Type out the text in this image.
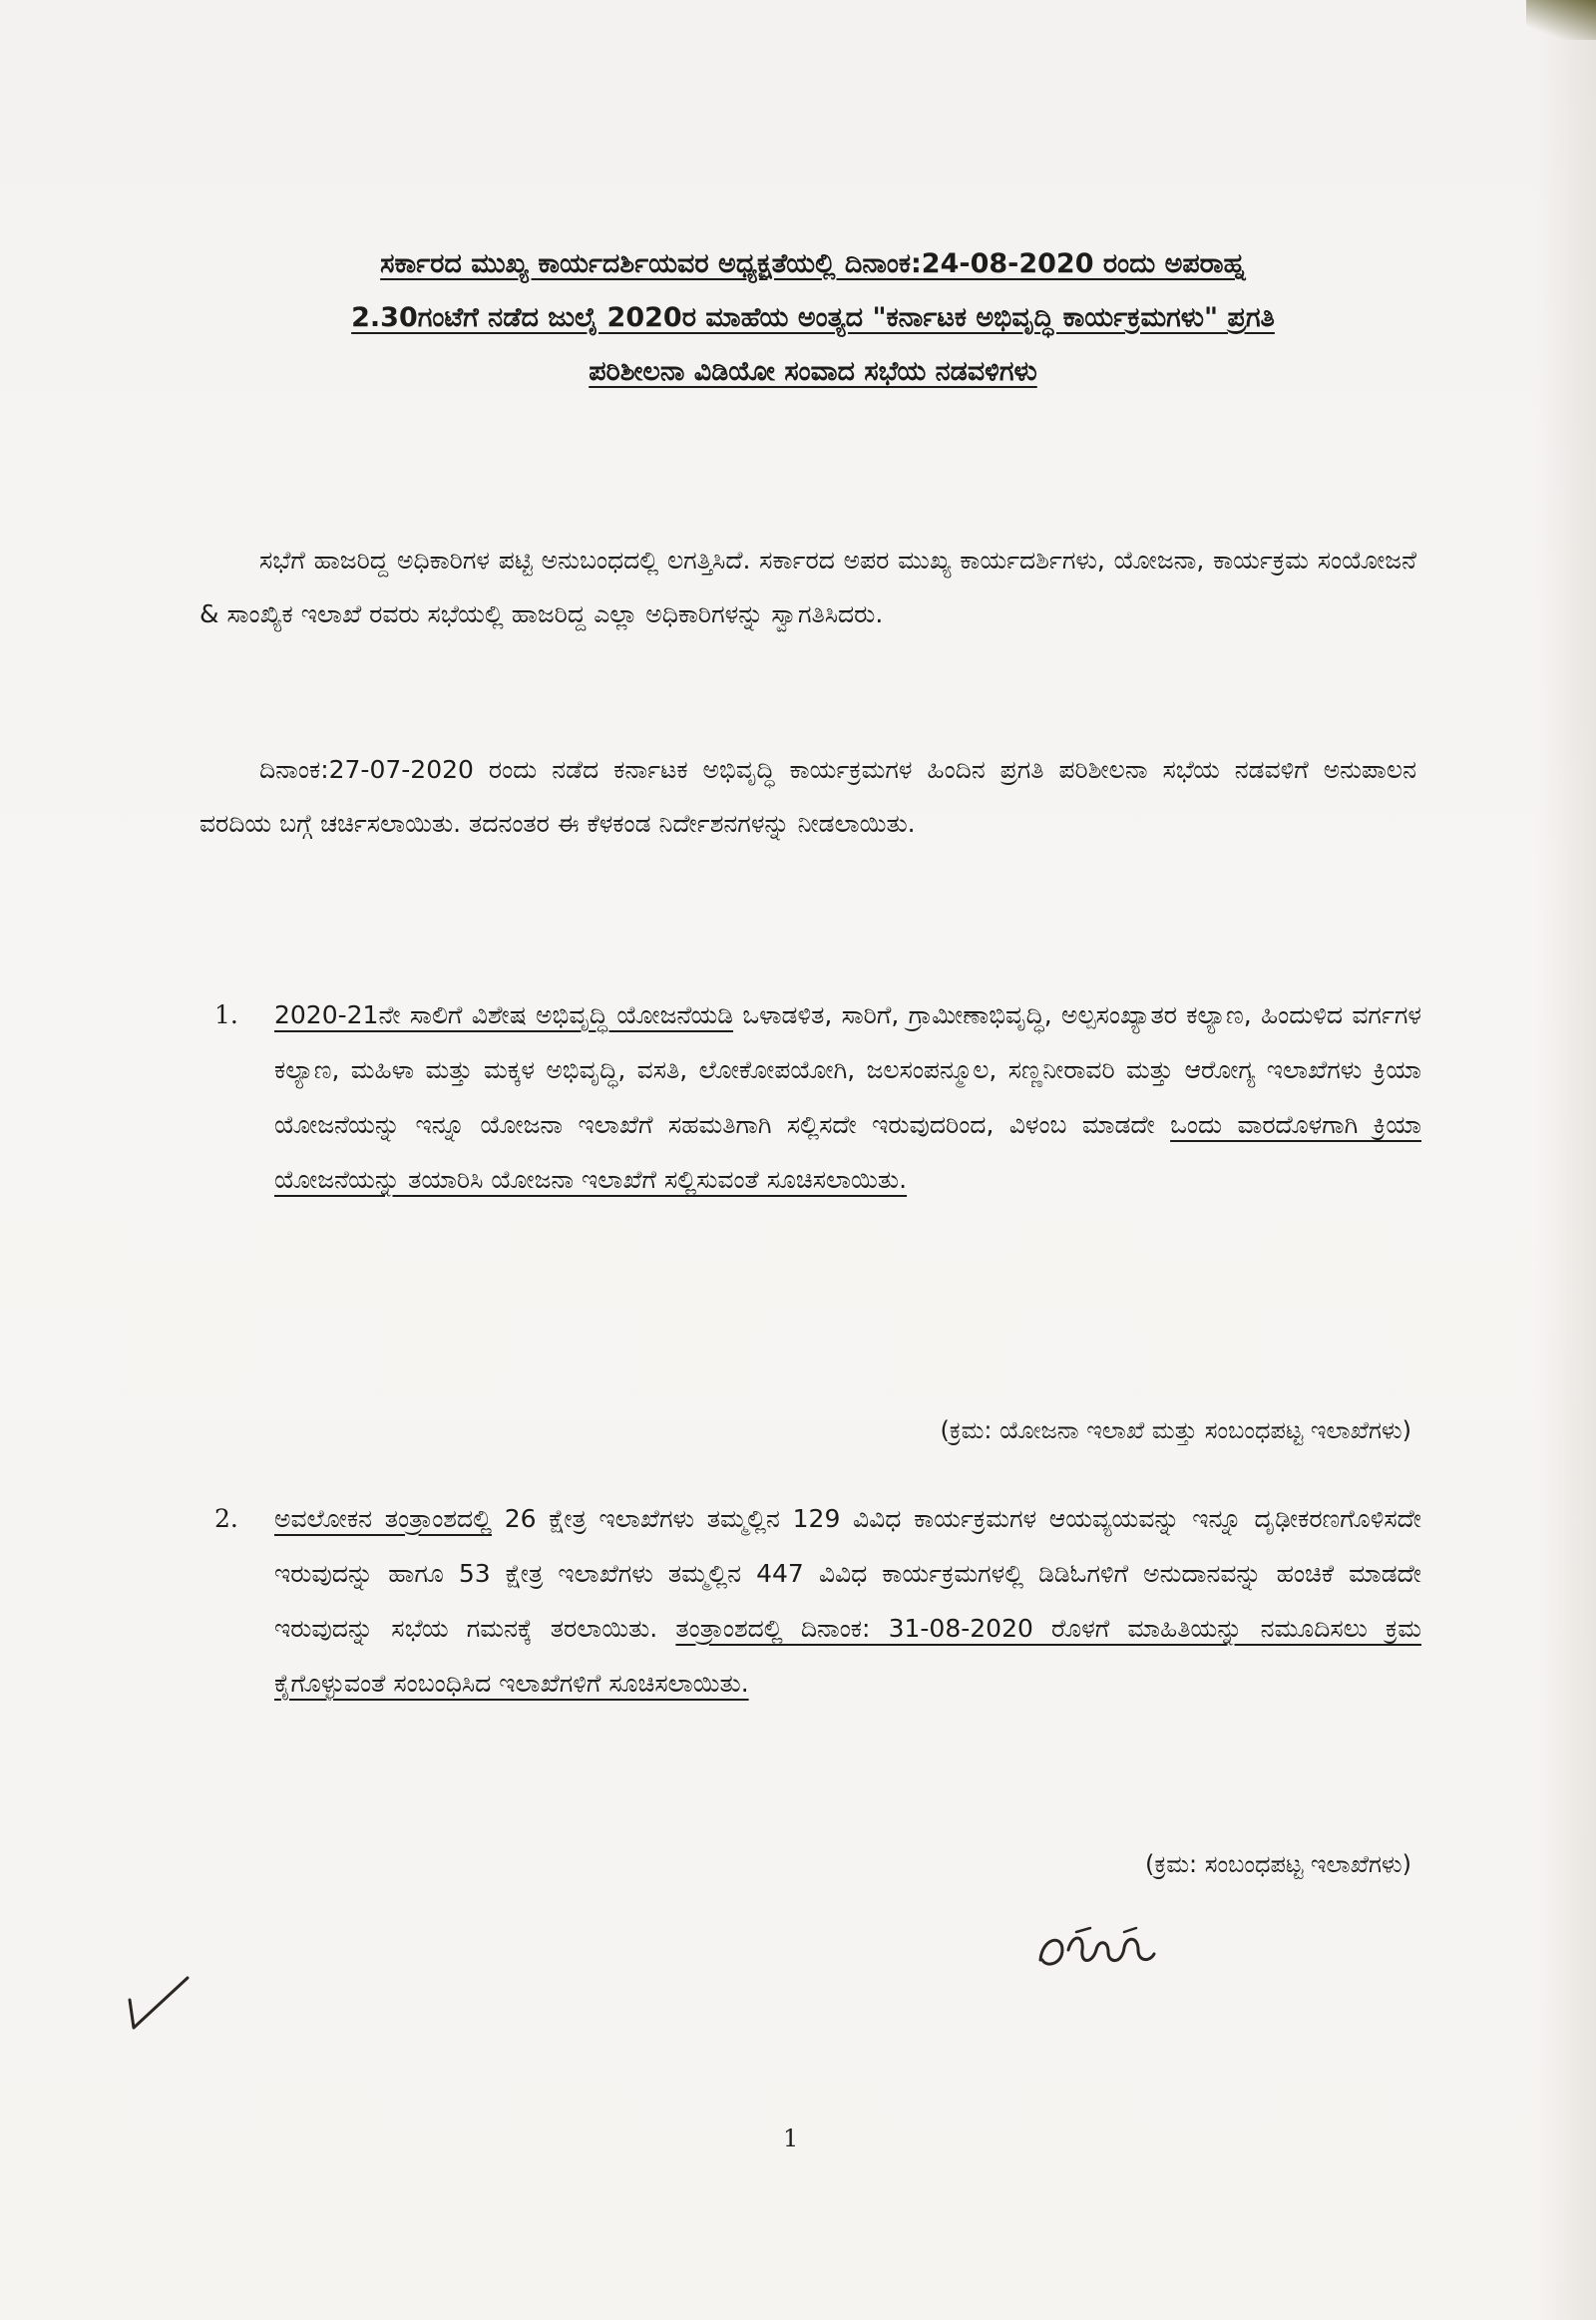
ಸರ್ಕಾರದ ಮುಖ್ಯ ಕಾರ್ಯದರ್ಶಿಯವರ ಅಧ್ಯಕ್ಷತೆಯಲ್ಲಿ ದಿನಾಂಕ:24-08-2020 ರಂದು ಅಪರಾಹ್ನ
2.30ಗಂಟೆಗೆ ನಡೆದ ಜುಲೈ 2020ರ ಮಾಹೆಯ ಅಂತ್ಯದ "ಕರ್ನಾಟಕ ಅಭಿವೃದ್ಧಿ ಕಾರ್ಯಕ್ರಮಗಳು" ಪ್ರಗತಿ
ಪರಿಶೀಲನಾ ವಿಡಿಯೋ ಸಂವಾದ ಸಭೆಯ ನಡವಳಿಗಳು
ಸಭೆಗೆ ಹಾಜರಿದ್ದ ಅಧಿಕಾರಿಗಳ ಪಟ್ಟಿ ಅನುಬಂಧದಲ್ಲಿ ಲಗತ್ತಿಸಿದೆ. ಸರ್ಕಾರದ ಅಪರ ಮುಖ್ಯ ಕಾರ್ಯದರ್ಶಿಗಳು, ಯೋಜನಾ, ಕಾರ್ಯಕ್ರಮ ಸಂಯೋಜನೆ & ಸಾಂಖ್ಯಿಕ ಇಲಾಖೆ ರವರು ಸಭೆಯಲ್ಲಿ ಹಾಜರಿದ್ದ ಎಲ್ಲಾ ಅಧಿಕಾರಿಗಳನ್ನು ಸ್ವಾಗತಿಸಿದರು.
ದಿನಾಂಕ:27-07-2020 ರಂದು ನಡೆದ ಕರ್ನಾಟಕ ಅಭಿವೃದ್ಧಿ ಕಾರ್ಯಕ್ರಮಗಳ ಹಿಂದಿನ ಪ್ರಗತಿ ಪರಿಶೀಲನಾ ಸಭೆಯ ನಡವಳಿಗೆ ಅನುಪಾಲನ ವರದಿಯ ಬಗ್ಗೆ ಚರ್ಚಿಸಲಾಯಿತು. ತದನಂತರ ಈ ಕೆಳಕಂಡ ನಿರ್ದೇಶನಗಳನ್ನು ನೀಡಲಾಯಿತು.
1.	2020-21ನೇ ಸಾಲಿಗೆ ವಿಶೇಷ ಅಭಿವೃದ್ಧಿ ಯೋಜನೆಯಡಿ ಒಳಾಡಳಿತ, ಸಾರಿಗೆ, ಗ್ರಾಮೀಣಾಭಿವೃದ್ಧಿ, ಅಲ್ಪಸಂಖ್ಯಾತರ ಕಲ್ಯಾಣ, ಹಿಂದುಳಿದ ವರ್ಗಗಳ ಕಲ್ಯಾಣ, ಮಹಿಳಾ ಮತ್ತು ಮಕ್ಕಳ ಅಭಿವೃದ್ಧಿ, ವಸತಿ, ಲೋಕೋಪಯೋಗಿ, ಜಲಸಂಪನ್ಮೂಲ, ಸಣ್ಣನೀರಾವರಿ ಮತ್ತು ಆರೋಗ್ಯ ಇಲಾಖೆಗಳು ಕ್ರಿಯಾ ಯೋಜನೆಯನ್ನು ಇನ್ನೂ ಯೋಜನಾ ಇಲಾಖೆಗೆ ಸಹಮತಿಗಾಗಿ ಸಲ್ಲಿಸದೇ ಇರುವುದರಿಂದ, ವಿಳಂಬ ಮಾಡದೇ ಒಂದು ವಾರದೊಳಗಾಗಿ ಕ್ರಿಯಾ ಯೋಜನೆಯನ್ನು ತಯಾರಿಸಿ ಯೋಜನಾ ಇಲಾಖೆಗೆ ಸಲ್ಲಿಸುವಂತೆ ಸೂಚಿಸಲಾಯಿತು.
(ಕ್ರಮ: ಯೋಜನಾ ಇಲಾಖೆ ಮತ್ತು ಸಂಬಂಧಪಟ್ಟ ಇಲಾಖೆಗಳು)
2.	ಅವಲೋಕನ ತಂತ್ರಾಂಶದಲ್ಲಿ 26 ಕ್ಷೇತ್ರ ಇಲಾಖೆಗಳು ತಮ್ಮಲ್ಲಿನ 129 ವಿವಿಧ ಕಾರ್ಯಕ್ರಮಗಳ ಆಯವ್ಯಯವನ್ನು ಇನ್ನೂ ದೃಢೀಕರಣಗೊಳಿಸದೇ ಇರುವುದನ್ನು ಹಾಗೂ 53 ಕ್ಷೇತ್ರ ಇಲಾಖೆಗಳು ತಮ್ಮಲ್ಲಿನ 447 ವಿವಿಧ ಕಾರ್ಯಕ್ರಮಗಳಲ್ಲಿ ಡಿಡಿಓಗಳಿಗೆ ಅನುದಾನವನ್ನು ಹಂಚಿಕೆ ಮಾಡದೇ ಇರುವುದನ್ನು ಸಭೆಯ ಗಮನಕ್ಕೆ ತರಲಾಯಿತು. ತಂತ್ರಾಂಶದಲ್ಲಿ ದಿನಾಂಕ: 31-08-2020 ರೊಳಗೆ ಮಾಹಿತಿಯನ್ನು ನಮೂದಿಸಲು ಕ್ರಮ ಕೈಗೊಳ್ಳುವಂತೆ ಸಂಬಂಧಿಸಿದ ಇಲಾಖೆಗಳಿಗೆ ಸೂಚಿಸಲಾಯಿತು.
(ಕ್ರಮ: ಸಂಬಂಧಪಟ್ಟ ಇಲಾಖೆಗಳು)
1
